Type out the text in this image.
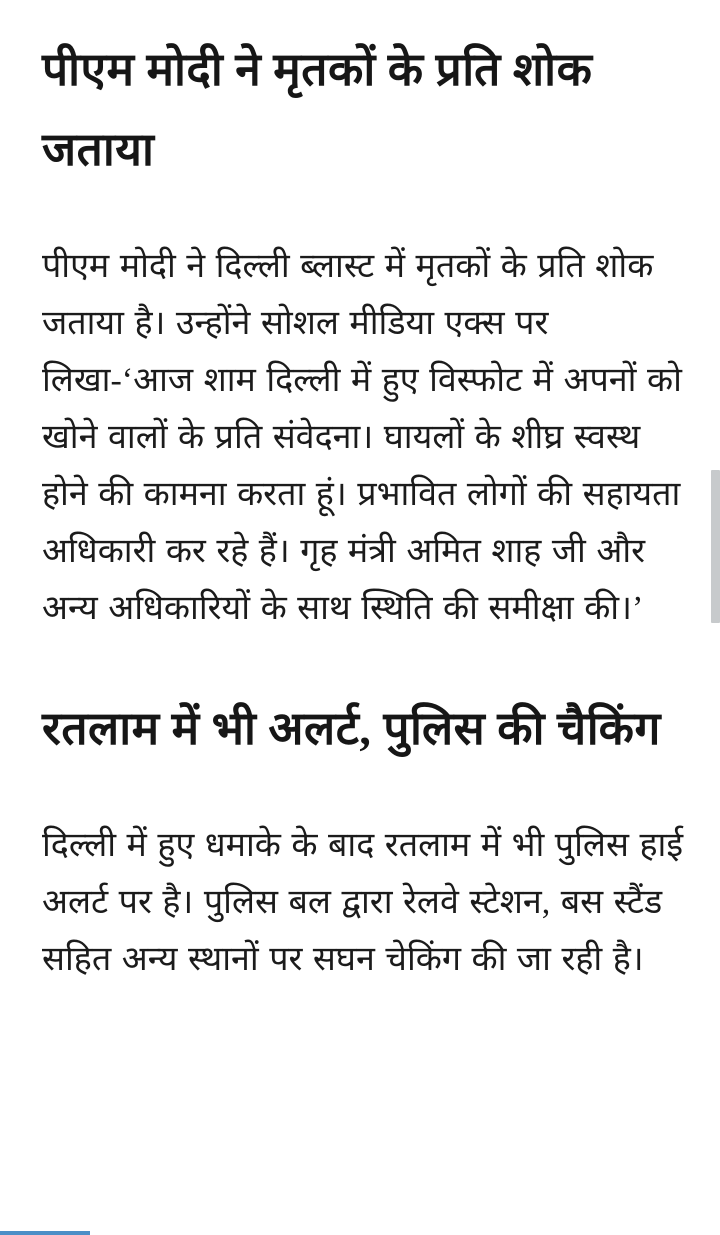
पीएम मोदी ने मृतकों के प्रति शोक जताया

पीएम मोदी ने दिल्ली ब्लास्ट में मृतकों के प्रति शोक जताया है। उन्होंने सोशल मीडिया एक्स पर लिखा-‘आज शाम दिल्ली में हुए विस्फोट में अपनों को खोने वालों के प्रति संवेदना। घायलों के शीघ्र स्वस्थ होने की कामना करता हूं। प्रभावित लोगों की सहायता अधिकारी कर रहे हैं। गृह मंत्री अमित शाह जी और अन्य अधिकारियों के साथ स्थिति की समीक्षा की।’

रतलाम में भी अलर्ट, पुलिस की चैकिंग

दिल्ली में हुए धमाके के बाद रतलाम में भी पुलिस हाई अलर्ट पर है। पुलिस बल द्वारा रेलवे स्टेशन, बस स्टैंड सहित अन्य स्थानों पर सघन चेकिंग की जा रही है।
